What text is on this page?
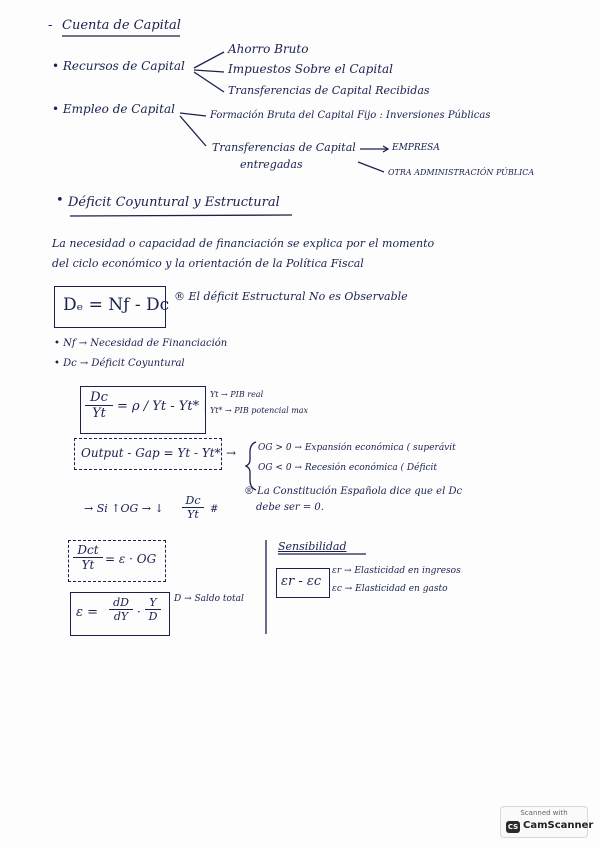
- Cuenta de Capital
• Recursos de Capital
Ahorro Bruto
Impuestos Sobre el Capital
Transferencias de Capital Recibidas
• Empleo de Capital	Formación Bruta del Capital Fijo : Inversiones Públicas
Transferencias de Capital
entregadas
EMPRESA
OTRA ADMINISTRACIÓN PÚBLICA
• Déficit Coyuntural y Estructural
La necesidad o capacidad de financiación se explica por el momento
del ciclo económico y la orientación de la Política Fiscal
Dₑ = Nƒ - Dc ® El déficit Estructural No es Observable
• Nf → Necesidad de Financiación
• Dc → Déficit Coyuntural
$\frac{Dc}{Yt} = \rho / Yt - Yt*$ |
Yt → PIB real
Yt* → PIB potencial max
Output - Gap = Yt - Yt* → OG > 0 → Expansión económica ( superávit
OG < 0 → Recesión económica ( Déficit
→ Si ↑OG → ↓ $\frac{Dc}{Yt}$ #
® La Constitución Española dice que el Dc
debe ser = 0.
Dct
Yt = ε · OG
$\varepsilon = \frac{dD}{dY} \cdot \frac{Y}{D}$ D → Saldo total
Sensibilidad
εr - εc
εr → Elasticidad en ingresos
εc → Elasticidad en gasto
Scanned with
CS CamScanner
